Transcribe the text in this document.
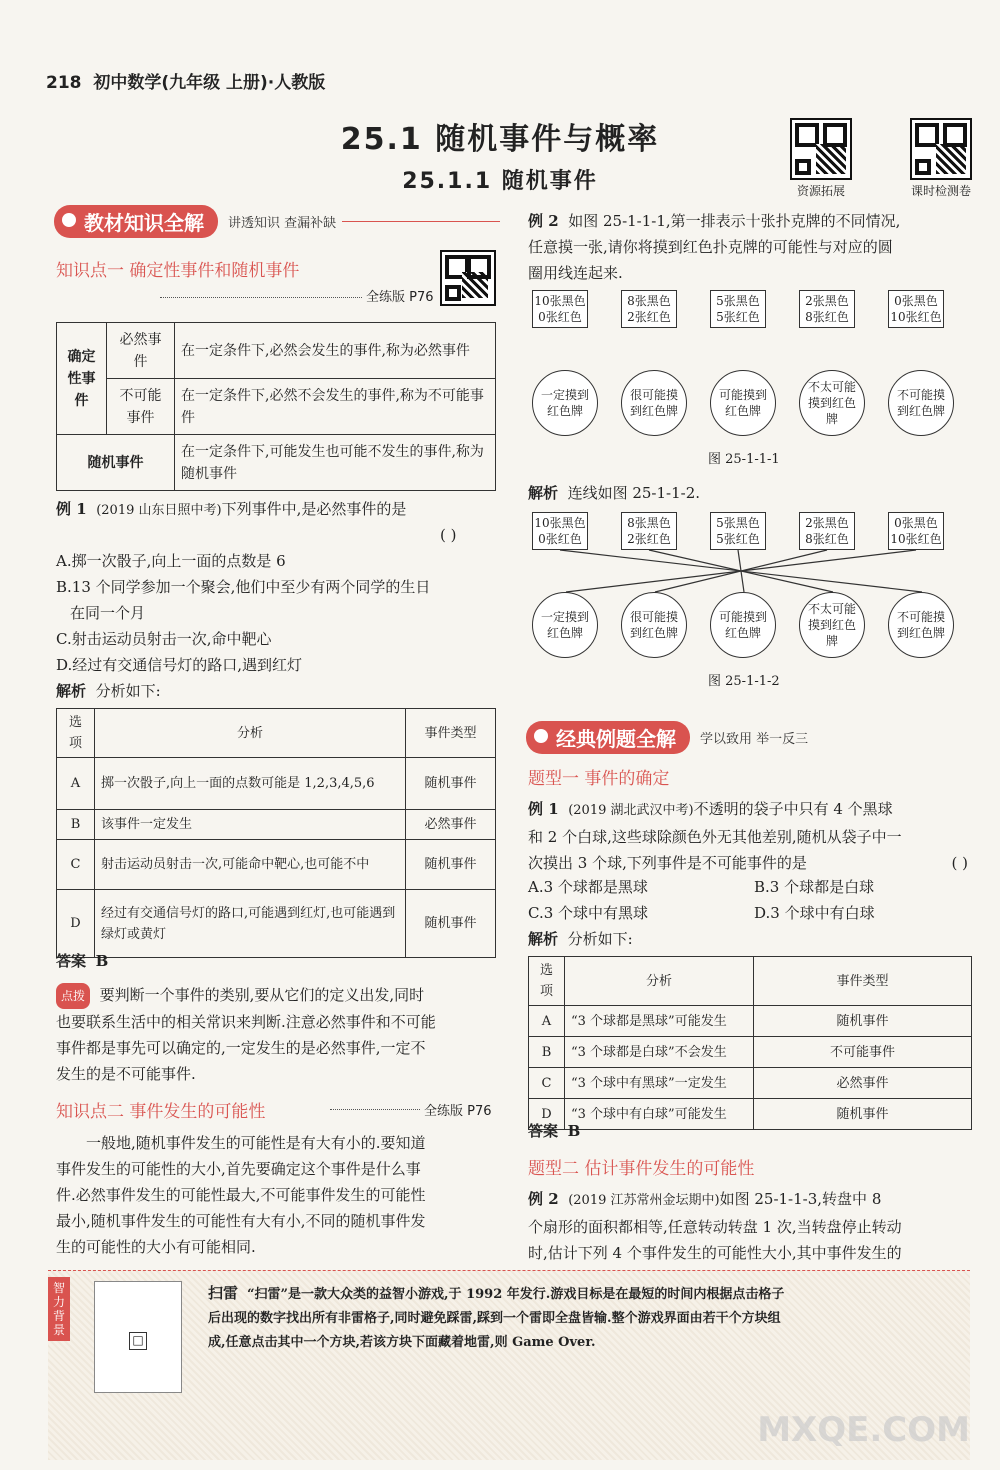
218 初中数学(九年级 上册)·人教版
25.1 随机事件与概率
25.1.1 随机事件	资源拓展	课时检测卷
教材知识全解	讲透知识 查漏补缺
知识点一 确定性事件和随机事件
全练版 P76
确定性事件	必然事件	在一定条件下,必然会发生的事件,称为必然事件
	不可能事件	在一定条件下,必然不会发生的事件,称为不可能事件
随机事件		在一定条件下,可能发生也可能不发生的事件,称为随机事件
例 1 (2019 山东日照中考)下列事件中,是必然事件的是
( )
A.掷一次骰子,向上一面的点数是 6
B.13 个同学参加一个聚会,他们中至少有两个同学的生日
在同一个月
C.射击运动员射击一次,命中靶心
D.经过有交通信号灯的路口,遇到红灯
解析 分析如下:
选项	分析	事件类型
A	掷一次骰子,向上一面的点数可能是 1,2,3,4,5,6	随机事件
B	该事件一定发生	必然事件
C	射击运动员射击一次,可能命中靶心,也可能不中	随机事件
D	经过有交通信号灯的路口,可能遇到红灯,也可能遇到绿灯或黄灯	随机事件
答案 B
点拨 要判断一个事件的类别,要从它们的定义出发,同时
也要联系生活中的相关常识来判断.注意必然事件和不可能
事件都是事先可以确定的,一定发生的是必然事件,一定不
发生的是不可能事件.
知识点二 事件发生的可能性	全练版 P76
一般地,随机事件发生的可能性是有大有小的.要知道
事件发生的可能性的大小,首先要确定这个事件是什么事
件.必然事件发生的可能性最大,不可能事件发生的可能性
最小,随机事件发生的可能性有大有小,不同的随机事件发
生的可能性的大小有可能相同.
例 2 如图 25-1-1-1,第一排表示十张扑克牌的不同情况,
任意摸一张,请你将摸到红色扑克牌的可能性与对应的圆
圈用线连起来.
10张黑色
0张红色
8张黑色
2张红色
5张黑色
5张红色
2张黑色
8张红色
0张黑色
10张红色
一定摸到红色牌
很可能摸到红色牌
可能摸到红色牌
不太可能摸到红色牌
不可能摸到红色牌
图 25-1-1-1
解析 连线如图 25-1-1-2.
10张黑色
0张红色
8张黑色
2张红色
5张黑色
5张红色
2张黑色
8张红色
0张黑色
10张红色
一定摸到红色牌
很可能摸到红色牌
可能摸到红色牌
不太可能摸到红色牌
不可能摸到红色牌
图 25-1-1-2
经典例题全解	学以致用 举一反三
题型一 事件的确定
例 1 (2019 湖北武汉中考)不透明的袋子中只有 4 个黑球
和 2 个白球,这些球除颜色外无其他差别,随机从袋子中一
次摸出 3 个球,下列事件是不可能事件的是	( )
A.3 个球都是黑球	B.3 个球都是白球
C.3 个球中有黑球	D.3 个球中有白球
解析 分析如下:
选项	分析	事件类型
A	“3 个球都是黑球”可能发生	随机事件
B	“3 个球都是白球”不会发生	不可能事件
C	“3 个球中有黑球”一定发生	必然事件
D	“3 个球中有白球”可能发生	随机事件
答案 B
题型二 估计事件发生的可能性
例 2 (2019 江苏常州金坛期中)如图 25-1-1-3,转盘中 8
个扇形的面积都相等,任意转动转盘 1 次,当转盘停止转动
时,估计下列 4 个事件发生的可能性大小,其中事件发生的
智力背景
□
扫雷 “扫雷”是一款大众类的益智小游戏,于 1992 年发行.游戏目标是在最短的时间内根据点击格子
后出现的数字找出所有非雷格子,同时避免踩雷,踩到一个雷即全盘皆输.整个游戏界面由若干个方块组
成,任意点击其中一个方块,若该方块下面藏着地雷,则 Game Over.
MXQE.COM
